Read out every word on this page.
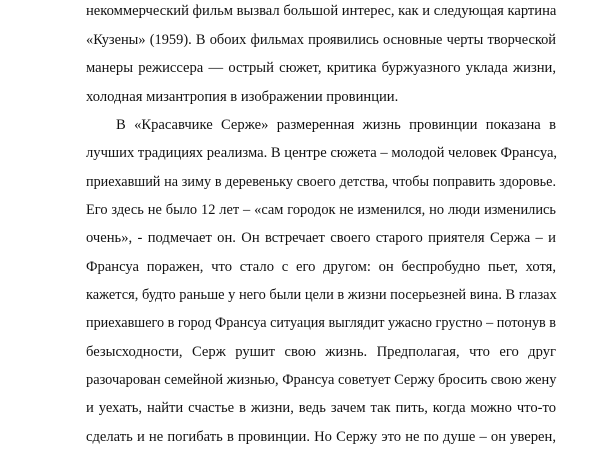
некоммерческий фильм вызвал большой интерес, как и следующая картина
«Кузены» (1959). В обоих фильмах проявились основные черты творческой
манеры режиссера — острый сюжет, критика буржуазного уклада жизни,
холодная мизантропия в изображении провинции.
В «Красавчике Серже» размеренная жизнь провинции показана в
лучших традициях реализма. В центре сюжета – молодой человек Франсуа,
приехавший на зиму в деревеньку своего детства, чтобы поправить здоровье.
Его здесь не было 12 лет – «сам городок не изменился, но люди изменились
очень», - подмечает он. Он встречает своего старого приятеля Сержа – и
Франсуа поражен, что стало с его другом: он беспробудно пьет, хотя,
кажется, будто раньше у него были цели в жизни посерьезней вина. В глазах
приехавшего в город Франсуа ситуация выглядит ужасно грустно – потонув в
безысходности, Серж рушит свою жизнь. Предполагая, что его друг
разочарован семейной жизнью, Франсуа советует Сержу бросить свою жену
и уехать, найти счастье в жизни, ведь зачем так пить, когда можно что-то
сделать и не погибать в провинции. Но Сержу это не по душе – он уверен,
